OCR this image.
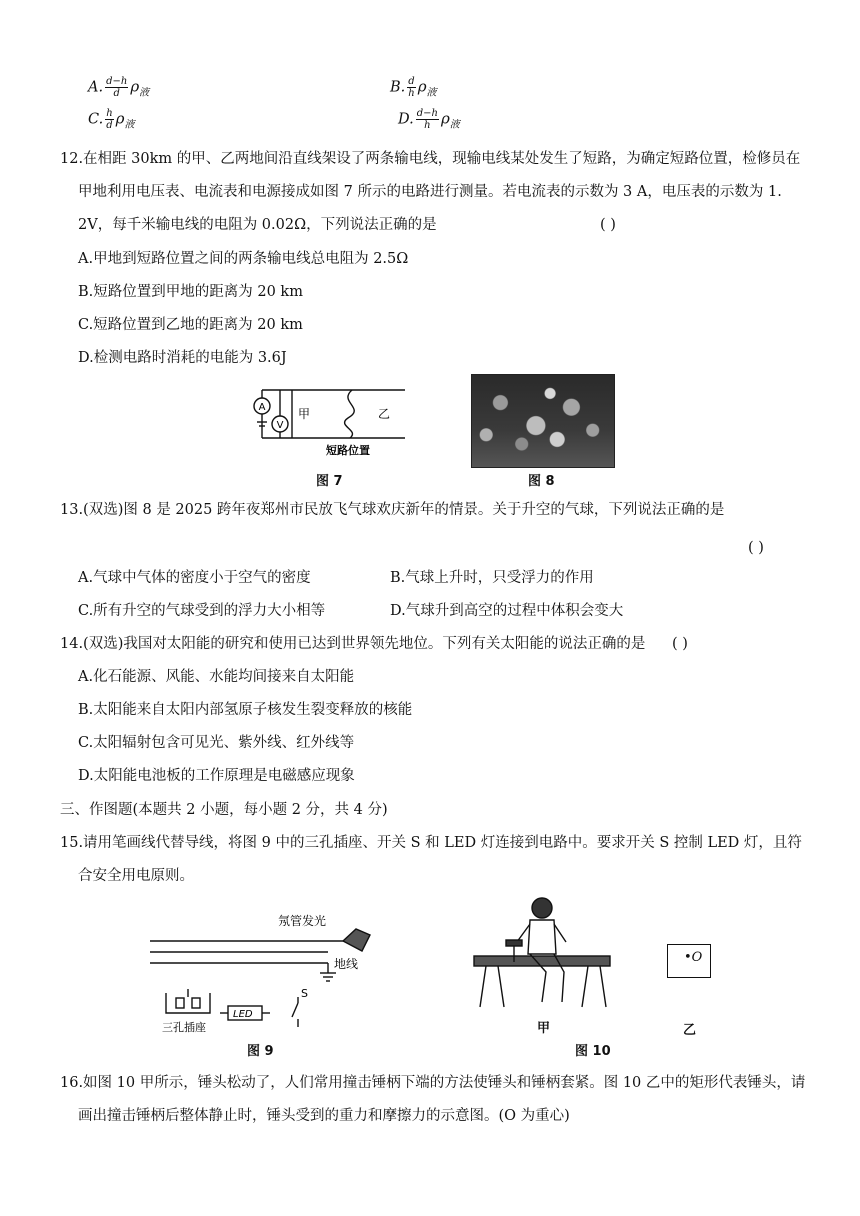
A. $\frac{d-h}{d} \rho_液$	B. $\frac{d}{h} \rho_液$
C. $\frac{h}{d} \rho_液$	D. $\frac{d-h}{h} \rho_液$
12.在相距 30km 的甲、乙两地间沿直线架设了两条输电线，现输电线某处发生了短路，为确定短路位置，检修员在
甲地利用电压表、电流表和电源接成如图 7 所示的电路进行测量。若电流表的示数为 3 A，电压表的示数为 1.
2V，每千米输电线的电阻为 0.02Ω，下列说法正确的是	( )
A.甲地到短路位置之间的两条输电线总电阻为 2.5Ω
B.短路位置到甲地的距离为 20 km
C.短路位置到乙地的距离为 20 km
D.检测电路时消耗的电能为 3.6J
A
V
甲	乙
短路位置
图 7	图 8
13.(双选)图 8 是 2025 跨年夜郑州市民放飞气球欢庆新年的情景。关于升空的气球，下列说法正确的是
( )
A.气球中气体的密度小于空气的密度	B.气球上升时，只受浮力的作用
C.所有升空的气球受到的浮力大小相等	D.气球升到高空的过程中体积会变大
14.(双选)我国对太阳能的研究和使用已达到世界领先地位。下列有关太阳能的说法正确的是 ( )
A.化石能源、风能、水能均间接来自太阳能
B.太阳能来自太阳内部氢原子核发生裂变释放的核能
C.太阳辐射包含可见光、紫外线、红外线等
D.太阳能电池板的工作原理是电磁感应现象
三、作图题(本题共 2 小题，每小题 2 分，共 4 分)
15.请用笔画线代替导线，将图 9 中的三孔插座、开关 S 和 LED 灯连接到电路中。要求开关 S 控制 LED 灯，且符
合安全用电原则。
氖管发光
地线
S
LED
三孔插座
图 9
甲
•O
乙
图 10
16.如图 10 甲所示，锤头松动了，人们常用撞击锤柄下端的方法使锤头和锤柄套紧。图 10 乙中的矩形代表锤头，请
画出撞击锤柄后整体静止时，锤头受到的重力和摩擦力的示意图。(O 为重心)
